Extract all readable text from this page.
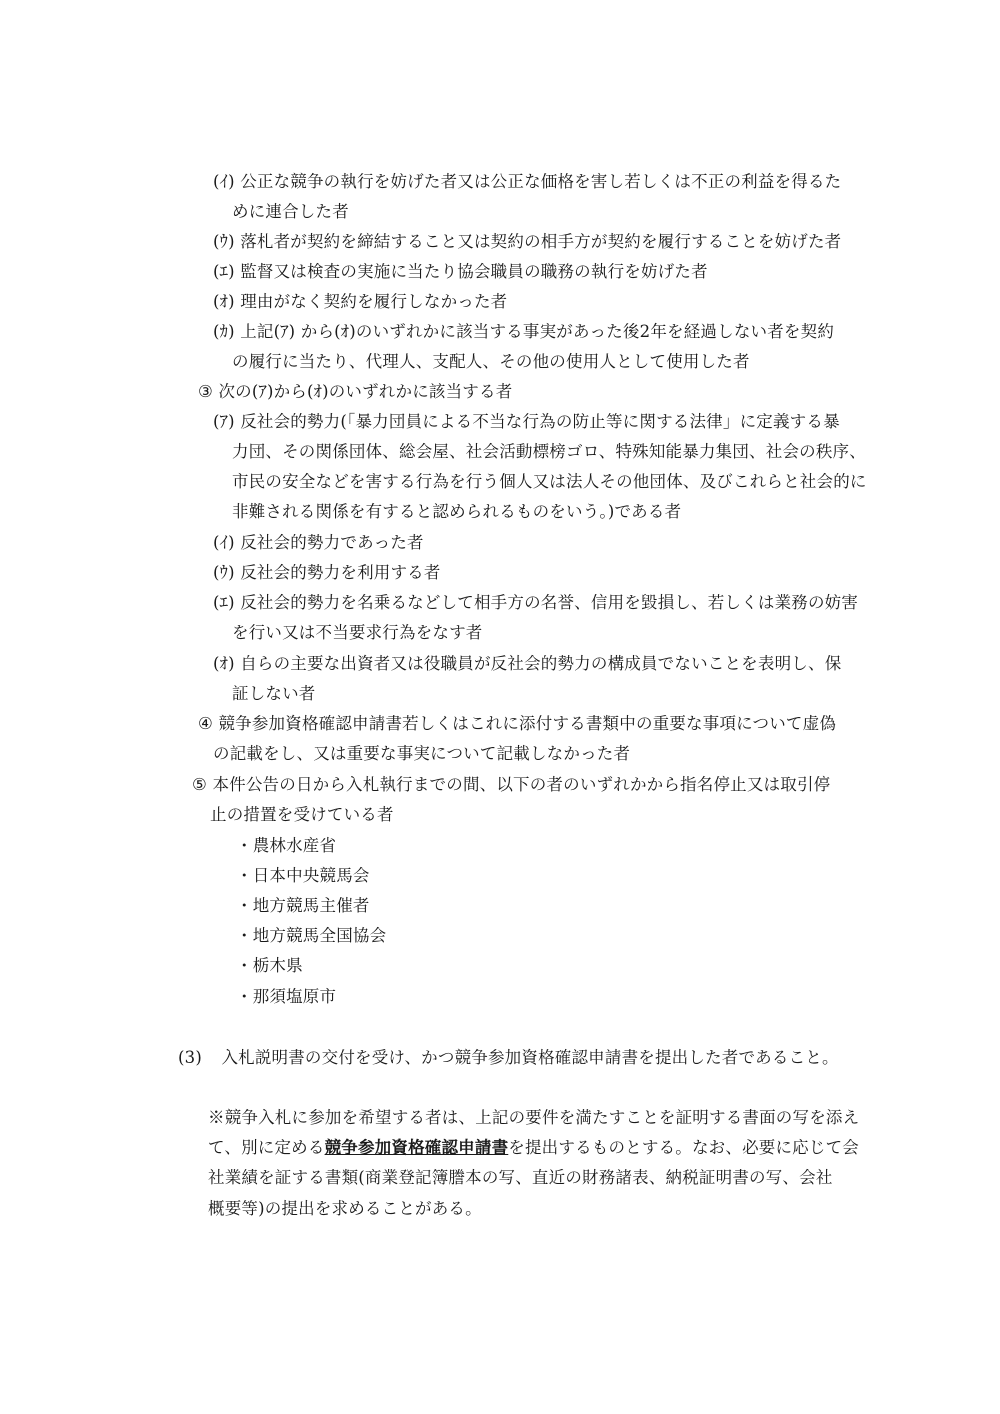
(ｲ) 公正な競争の執行を妨げた者又は公正な価格を害し若しくは不正の利益を得るた
めに連合した者
(ｳ) 落札者が契約を締結すること又は契約の相手方が契約を履行することを妨げた者
(ｴ) 監督又は検査の実施に当たり協会職員の職務の執行を妨げた者
(ｵ) 理由がなく契約を履行しなかった者
(ｶ) 上記(ｱ) から(ｵ)のいずれかに該当する事実があった後2年を経過しない者を契約
の履行に当たり、代理人、支配人、その他の使用人として使用した者
③ 次の(ｱ)から(ｵ)のいずれかに該当する者
(ｱ) 反社会的勢力(「暴力団員による不当な行為の防止等に関する法律」に定義する暴
力団、その関係団体、総会屋、社会活動標榜ゴロ、特殊知能暴力集団、社会の秩序、
市民の安全などを害する行為を行う個人又は法人その他団体、及びこれらと社会的に
非難される関係を有すると認められるものをいう。)である者
(ｲ) 反社会的勢力であった者
(ｳ) 反社会的勢力を利用する者
(ｴ) 反社会的勢力を名乗るなどして相手方の名誉、信用を毀損し、若しくは業務の妨害
を行い又は不当要求行為をなす者
(ｵ) 自らの主要な出資者又は役職員が反社会的勢力の構成員でないことを表明し、保
証しない者
④ 競争参加資格確認申請書若しくはこれに添付する書類中の重要な事項について虚偽
の記載をし、又は重要な事実について記載しなかった者
⑤ 本件公告の日から入札執行までの間、以下の者のいずれかから指名停止又は取引停
止の措置を受けている者
・農林水産省
・日本中央競馬会
・地方競馬主催者
・地方競馬全国協会
・栃木県
・那須塩原市
(3) 入札説明書の交付を受け、かつ競争参加資格確認申請書を提出した者であること。
※競争入札に参加を希望する者は、上記の要件を満たすことを証明する書面の写を添え
て、別に定める競争参加資格確認申請書を提出するものとする。なお、必要に応じて会
社業績を証する書類(商業登記簿謄本の写、直近の財務諸表、納税証明書の写、会社
概要等)の提出を求めることがある。
